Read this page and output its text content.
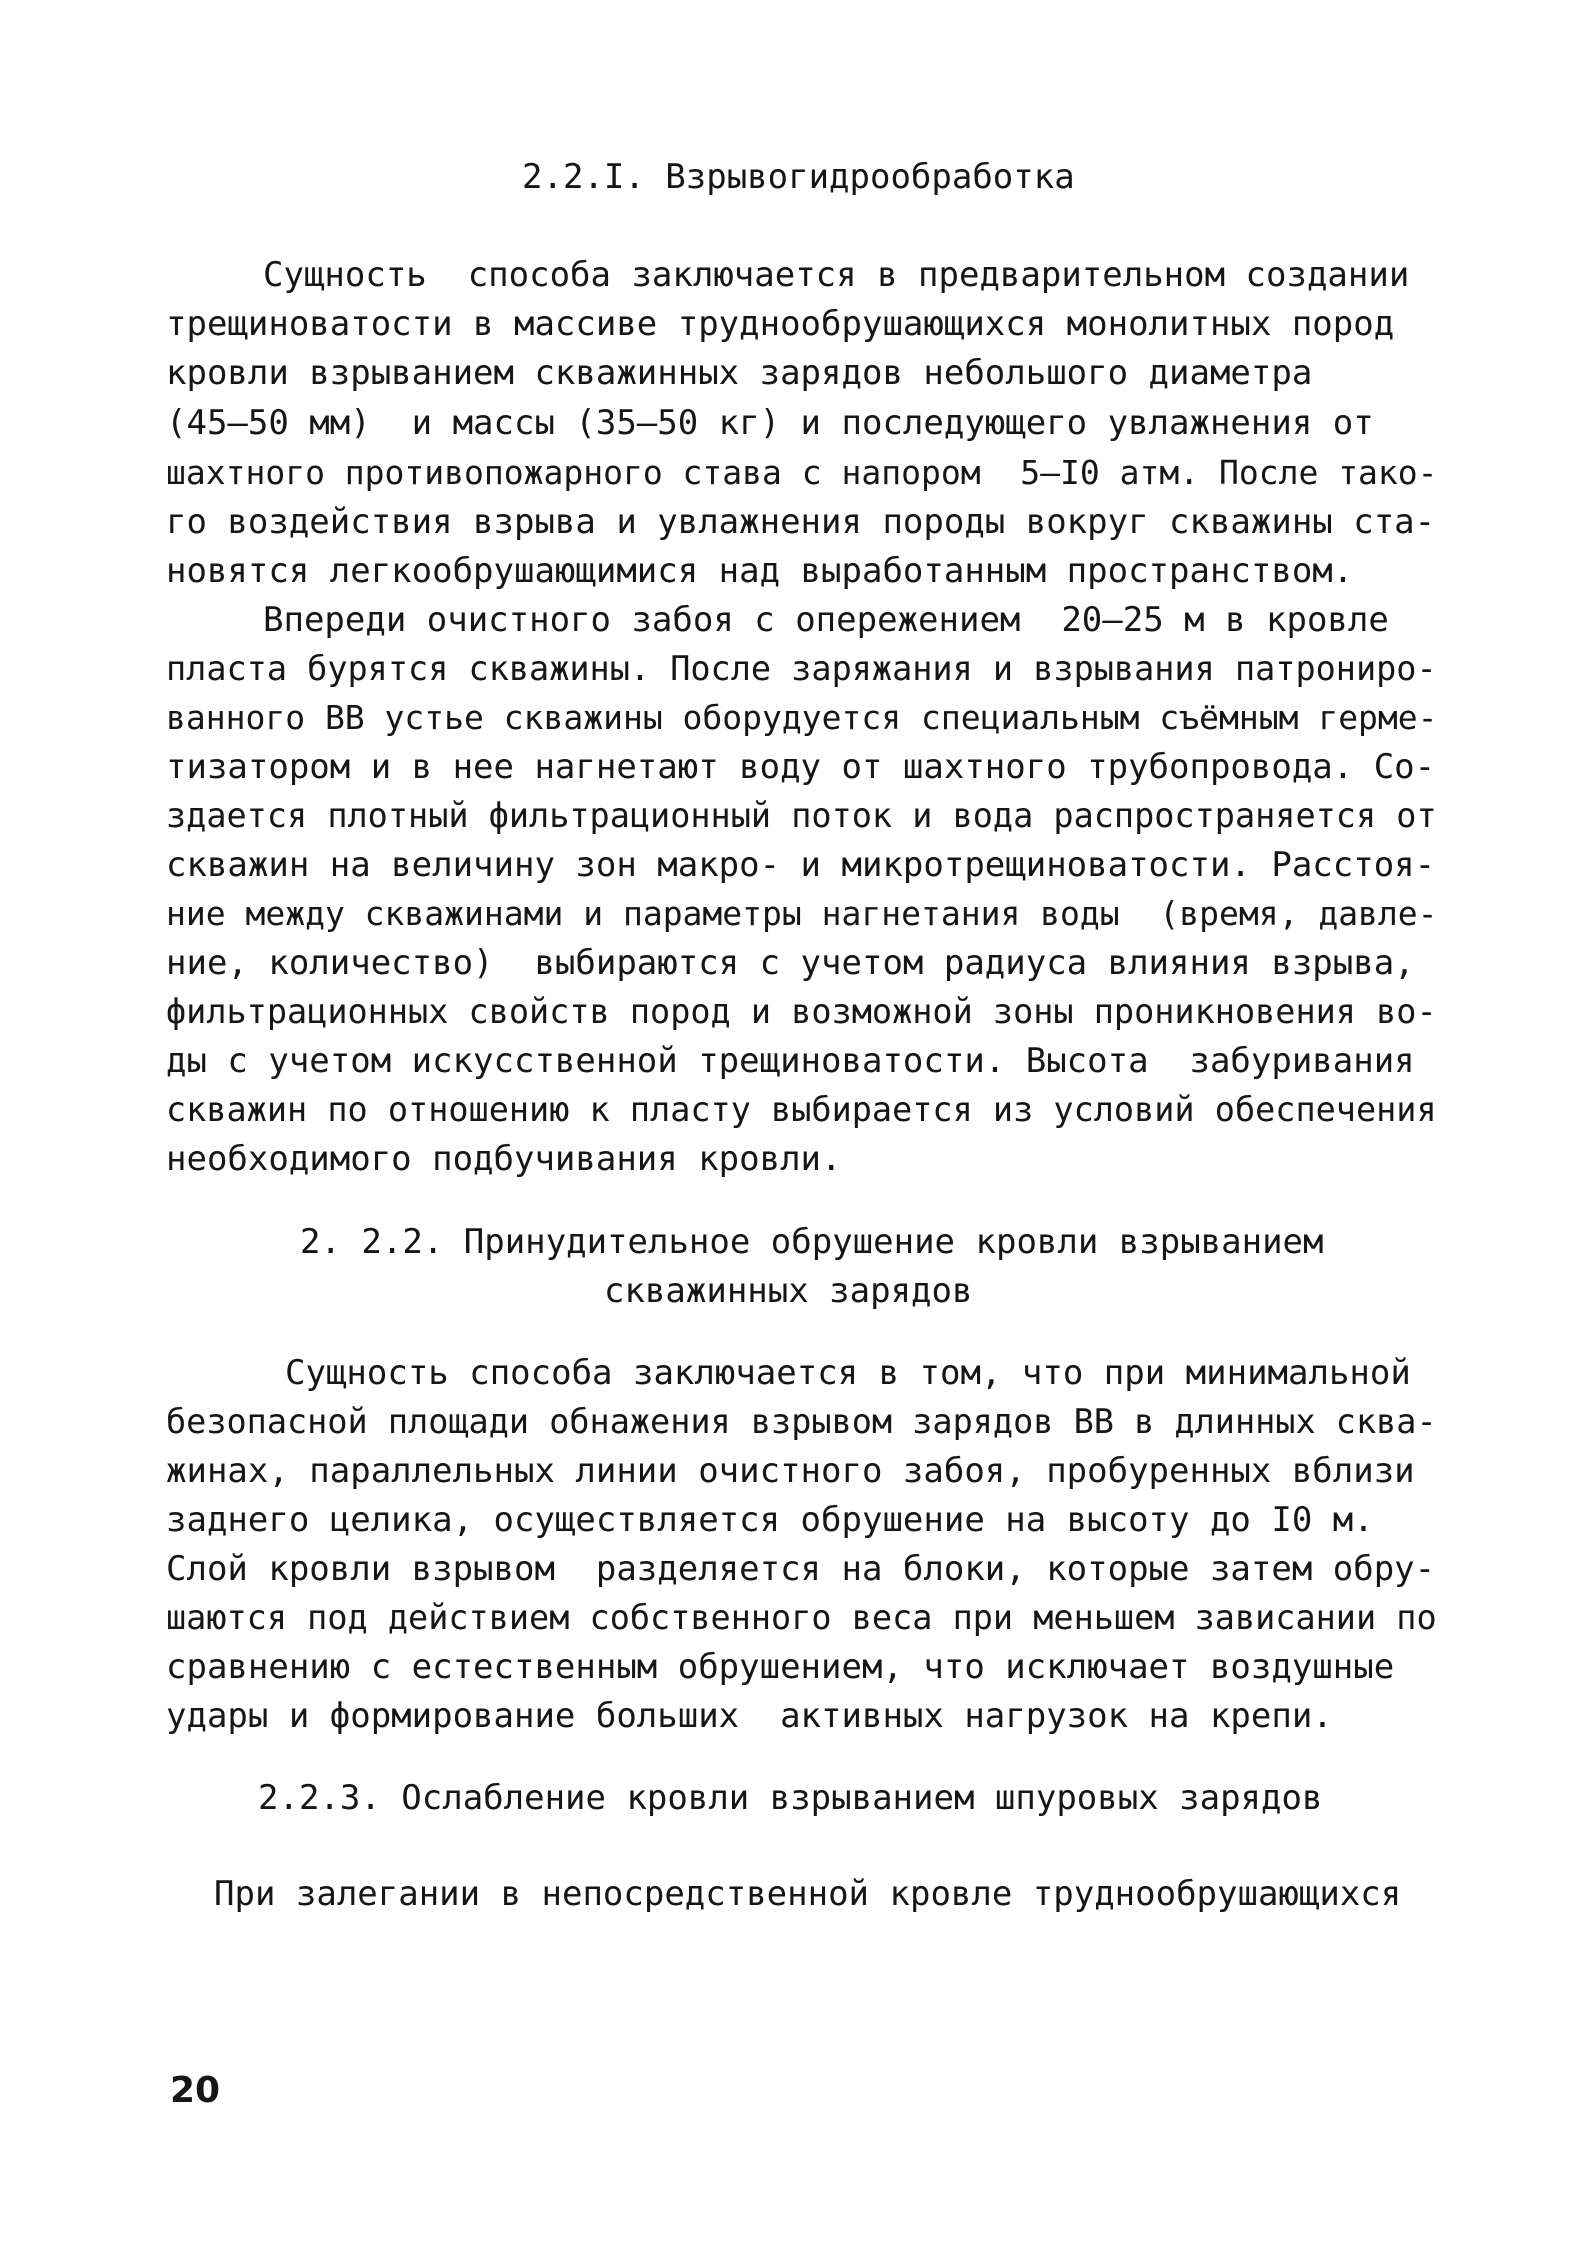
2.2.I. Взрывогидрообработка
Сущность  способа заключается в предварительном создании
трещиноватости в массиве труднообрушающихся монолитных пород
кровли взрыванием скважинных зарядов небольшого диаметра
(45–50 мм)  и массы (35–50 кг) и последующего увлажнения от
шахтного противопожарного става с напором  5–I0 атм. После тако-
го воздействия взрыва и увлажнения породы вокруг скважины ста-
новятся легкообрушающимися над выработанным пространством.
Впереди очистного забоя с опережением  20–25 м в кровле
пласта бурятся скважины. После заряжания и взрывания патрониро-
ванного ВВ устье скважины оборудуется специальным съёмным герме-
тизатором и в нее нагнетают воду от шахтного трубопровода. Со-
здается плотный фильтрационный поток и вода распространяется от
скважин на величину зон макро- и микротрещиноватости. Расстоя-
ние между скважинами и параметры нагнетания воды  (время, давле-
ние, количество)  выбираются с учетом радиуса влияния взрыва,
фильтрационных свойств пород и возможной зоны проникновения во-
ды с учетом искусственной трещиноватости. Высота  забуривания
скважин по отношению к пласту выбирается из условий обеспечения
необходимого подбучивания кровли.
2. 2.2. Принудительное обрушение кровли взрыванием
скважинных зарядов
Сущность способа заключается в том, что при минимальной
безопасной площади обнажения взрывом зарядов ВВ в длинных сква-
жинах, параллельных линии очистного забоя, пробуренных вблизи
заднего целика, осуществляется обрушение на высоту до I0 м.
Слой кровли взрывом  разделяется на блоки, которые затем обру-
шаются под действием собственного веса при меньшем зависании по
сравнению с естественным обрушением, что исключает воздушные
удары и формирование больших  активных нагрузок на крепи.
2.2.3. Ослабление кровли взрыванием шпуровых зарядов
При залегании в непосредственной кровле труднообрушающихся
20
